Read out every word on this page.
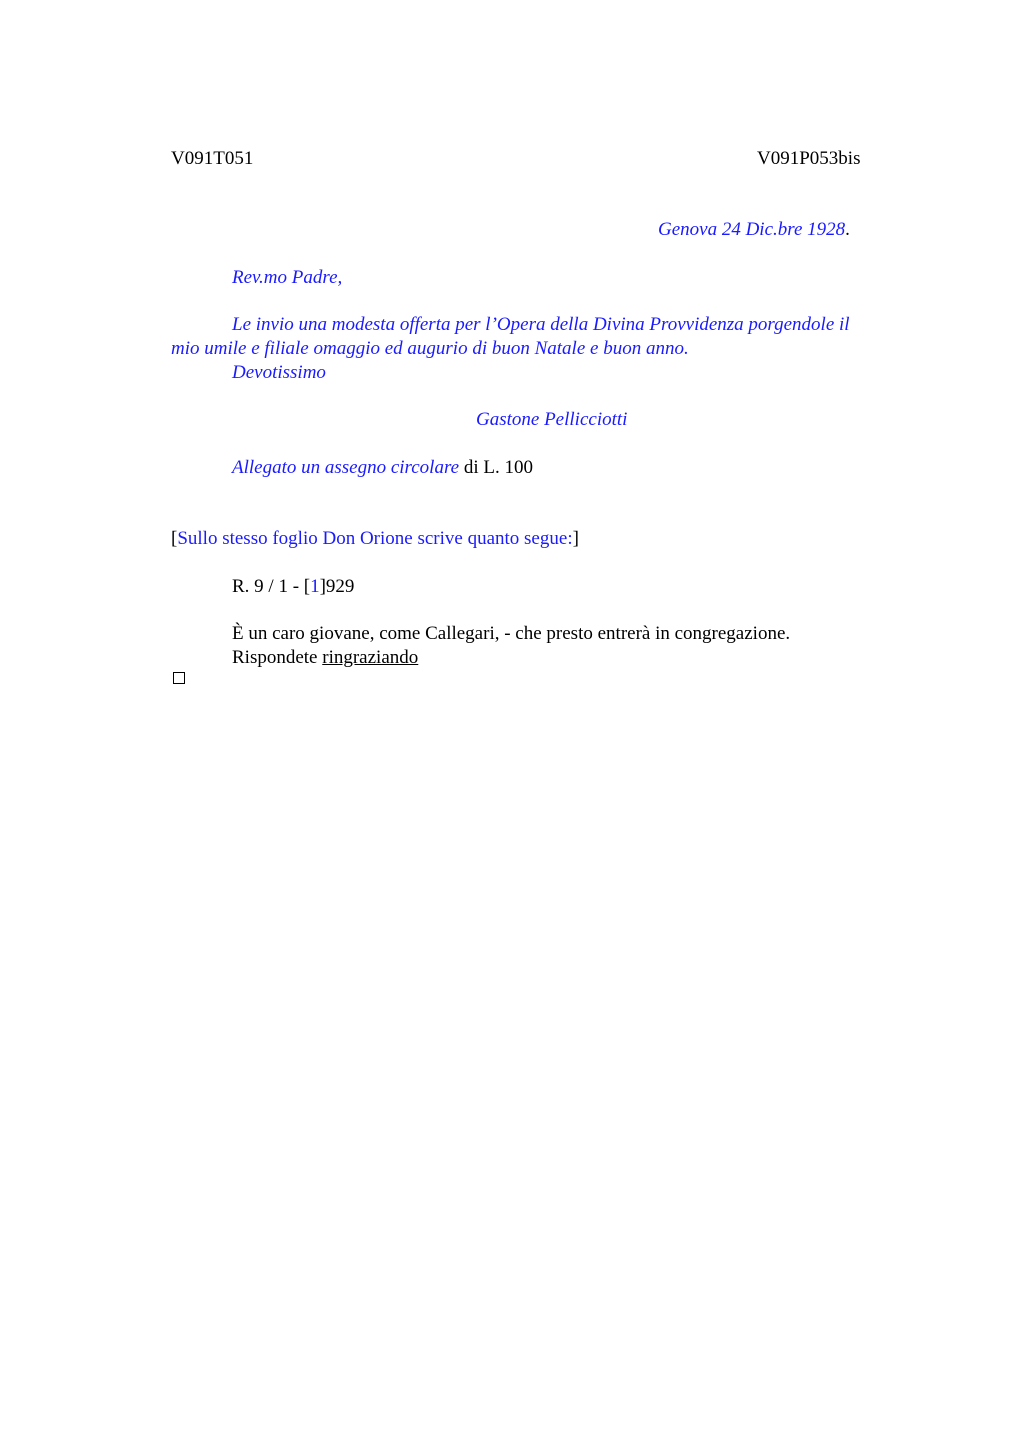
V091T051	V091P053bis
Genova 24 Dic.bre 1928.
Rev.mo Padre,
Le invio una modesta offerta per l’Opera della Divina Provvidenza porgendole il
mio umile e filiale omaggio ed augurio di buon Natale e buon anno.
Devotissimo
Gastone Pellicciotti
Allegato un assegno circolare di L. 100
[Sullo stesso foglio Don Orione scrive quanto segue:]
R. 9 / 1 - [1]929
È un caro giovane, come Callegari, - che presto entrerà in congregazione.
Rispondete ringraziando
